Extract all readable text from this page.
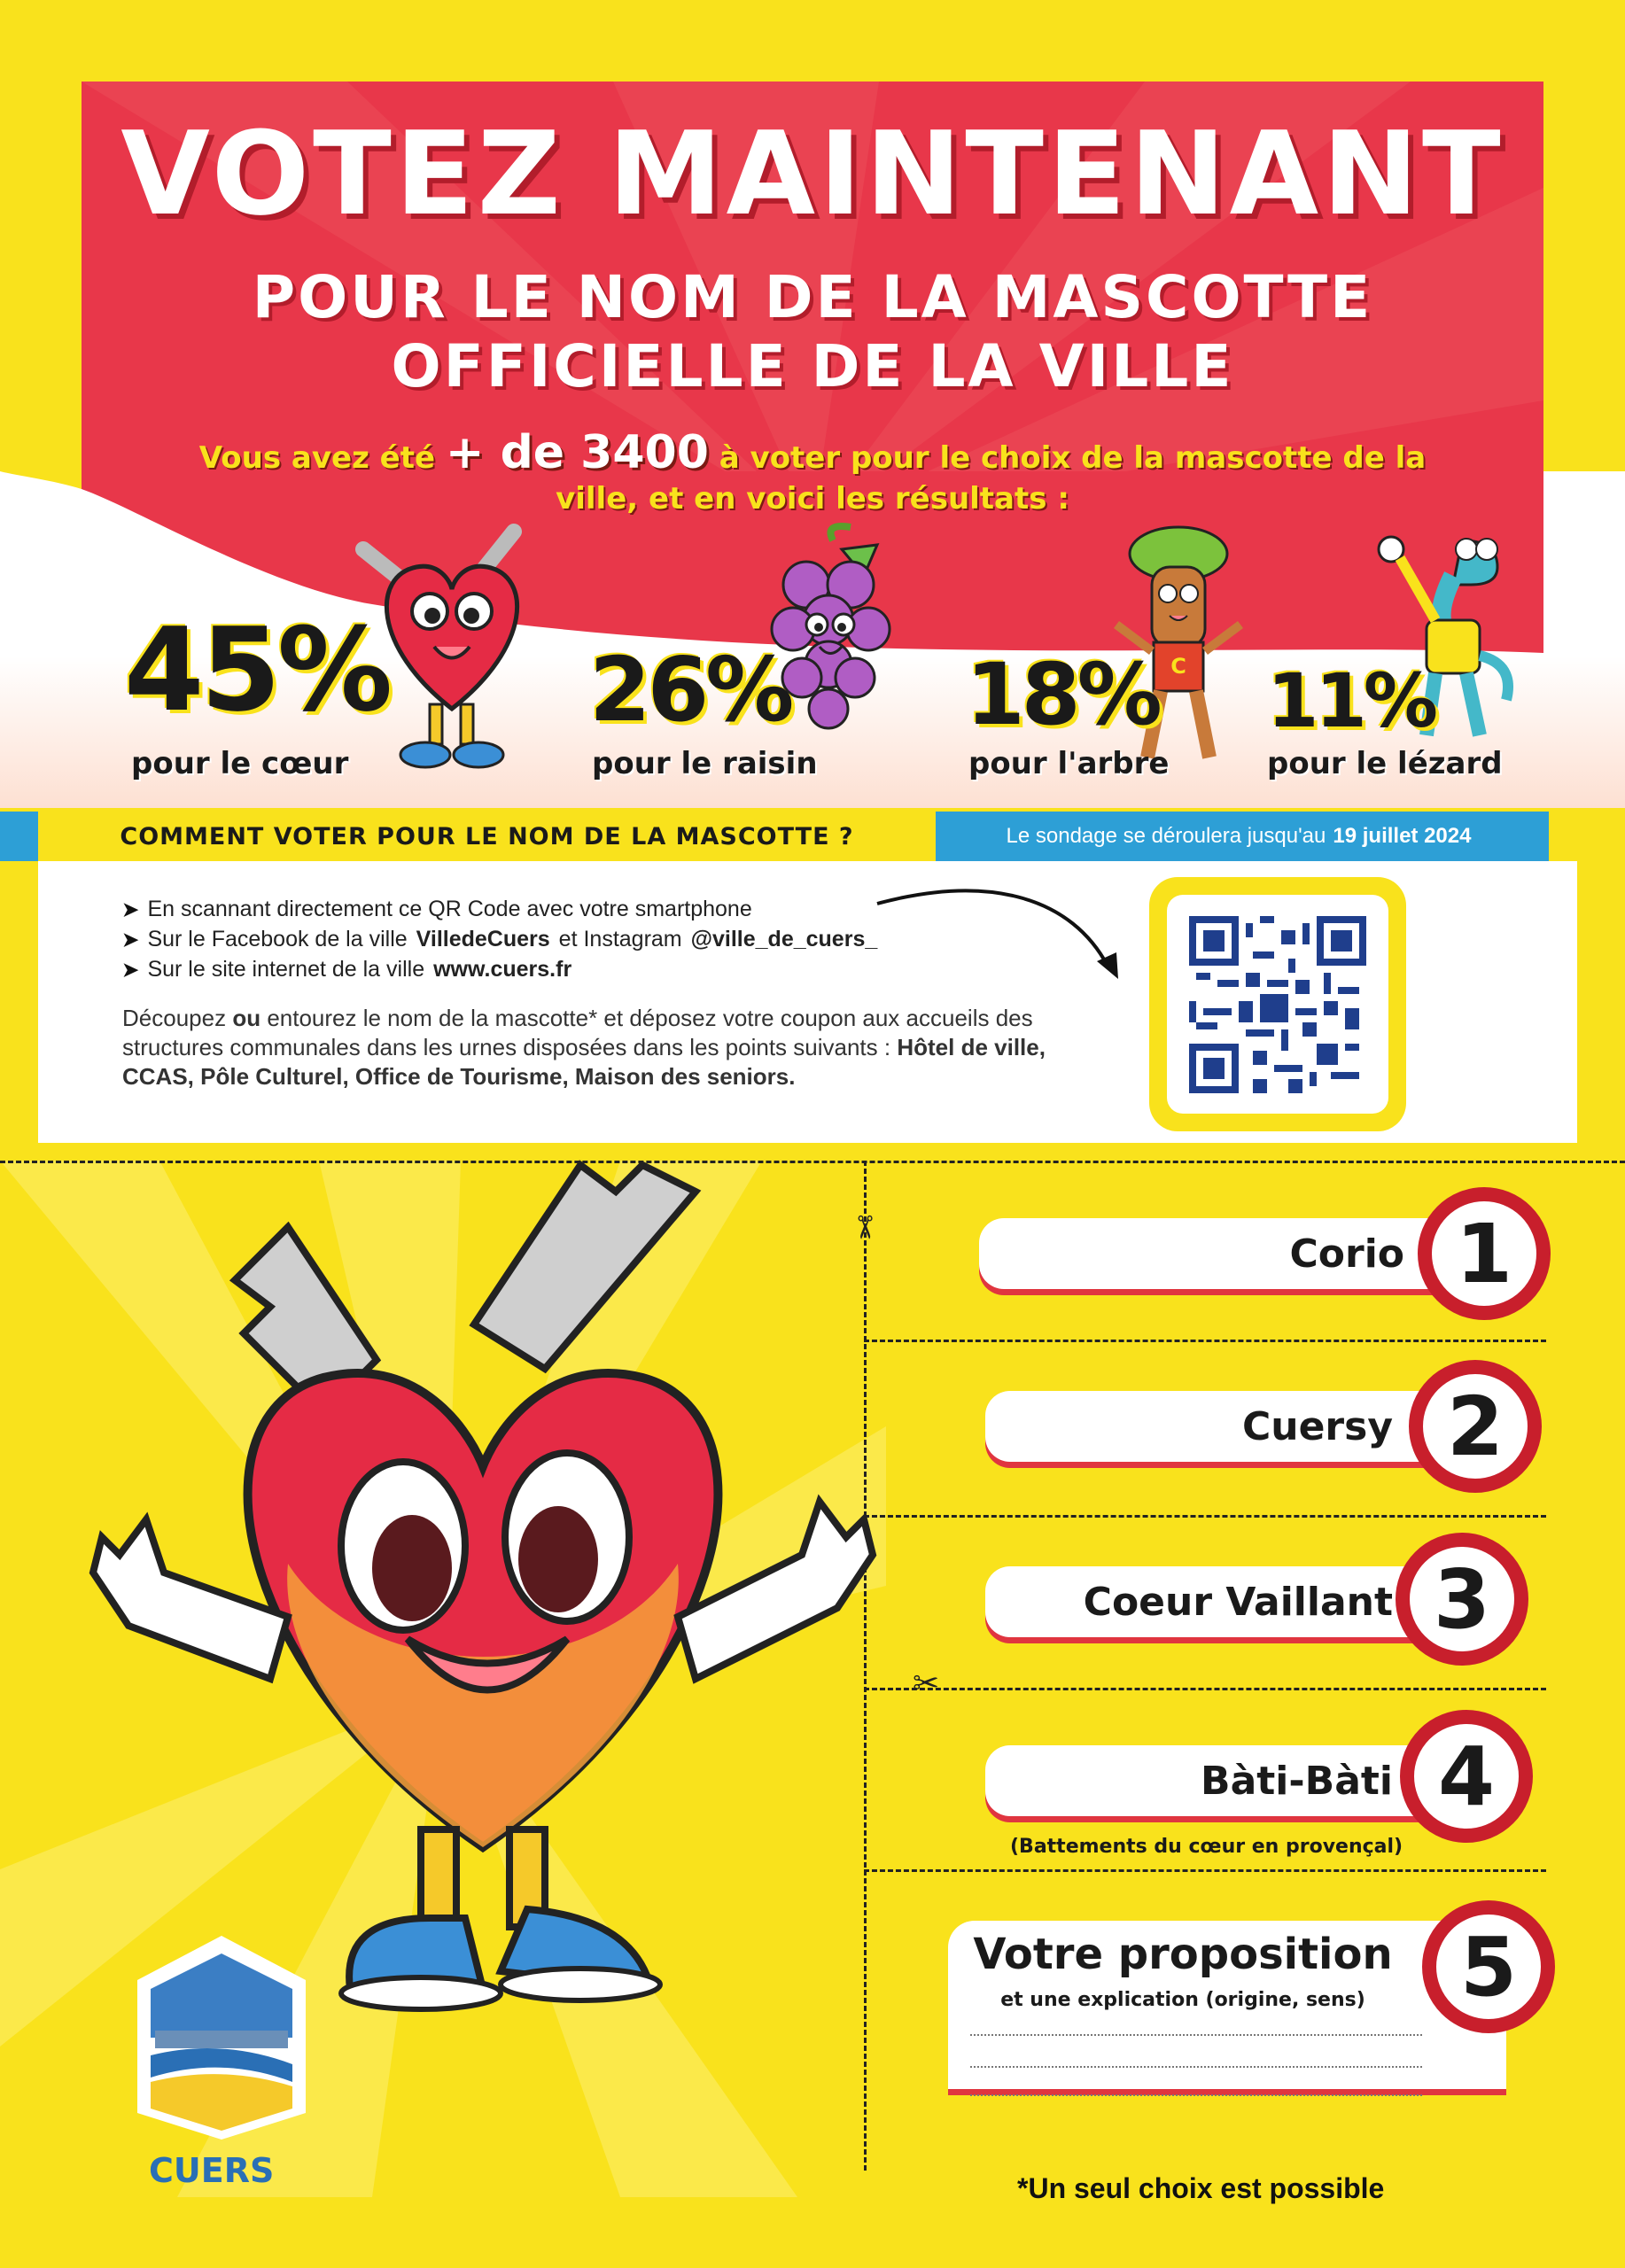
VOTEZ MAINTENANT
POUR LE NOM DE LA MASCOTTE
OFFICIELLE DE LA VILLE
Vous avez été + de 3400 à voter pour le choix de la mascotte de la
ville, et en voici les résultats :
C
45%
pour le cœur
26%
pour le raisin
18%
pour l'arbre
11%
pour le lézard
COMMENT VOTER POUR LE NOM DE LA MASCOTTE ?	Le sondage se déroulera jusqu'au 19 juillet 2024
➤ En scannant directement ce QR Code avec votre smartphone
➤ Sur le Facebook de la ville VilledeCuers et Instagram @ville_de_cuers_
➤ Sur le site internet de la ville www.cuers.fr
Découpez ou entourez le nom de la mascotte* et déposez votre coupon aux accueils des structures communales dans les urnes disposées dans les points suivants : Hôtel de ville, CCAS, Pôle Culturel, Office de Tourisme, Maison des seniors.
✂
✂
Corio 1
Cuersy 2
Coeur Vaillant 3
Bàti-Bàti 4
(Battements du cœur en provençal)
Votre proposition
et une explication (origine, sens)	5
CUERS	*Un seul choix est possible
